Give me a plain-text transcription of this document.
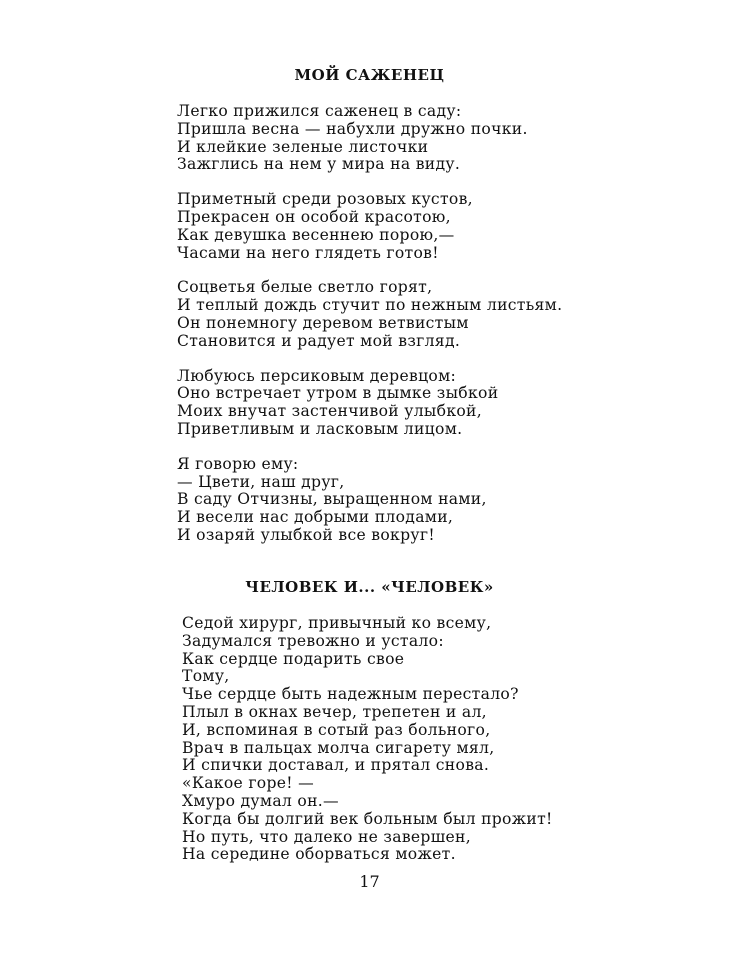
МОЙ САЖЕНЕЦ
Легко прижился саженец в саду:
Пришла весна — набухли дружно почки.
И клейкие зеленые листочки
Зажглись на нем у мира на виду.
Приметный среди розовых кустов,
Прекрасен он особой красотою,
Как девушка весеннею порою,—
Часами на него глядеть готов!
Соцветья белые светло горят,
И теплый дождь стучит по нежным листьям.
Он понемногу деревом ветвистым
Становится и радует мой взгляд.
Любуюсь персиковым деревцом:
Оно встречает утром в дымке зыбкой
Моих внучат застенчивой улыбкой,
Приветливым и ласковым лицом.
Я говорю ему:
— Цвети, наш друг,
В саду Отчизны, выращенном нами,
И весели нас добрыми плодами,
И озаряй улыбкой все вокруг!
ЧЕЛОВЕК И... «ЧЕЛОВЕК»
Седой хирург, привычный ко всему,
Задумался тревожно и устало:
Как сердце подарить свое
Тому,
Чье сердце быть надежным перестало?
Плыл в окнах вечер, трепетен и ал,
И, вспоминая в сотый раз больного,
Врач в пальцах молча сигарету мял,
И спички доставал, и прятал снова.
«Какое горе! —
Хмуро думал он.—
Когда бы долгий век больным был прожит!
Но путь, что далеко не завершен,
На середине оборваться может.

17
